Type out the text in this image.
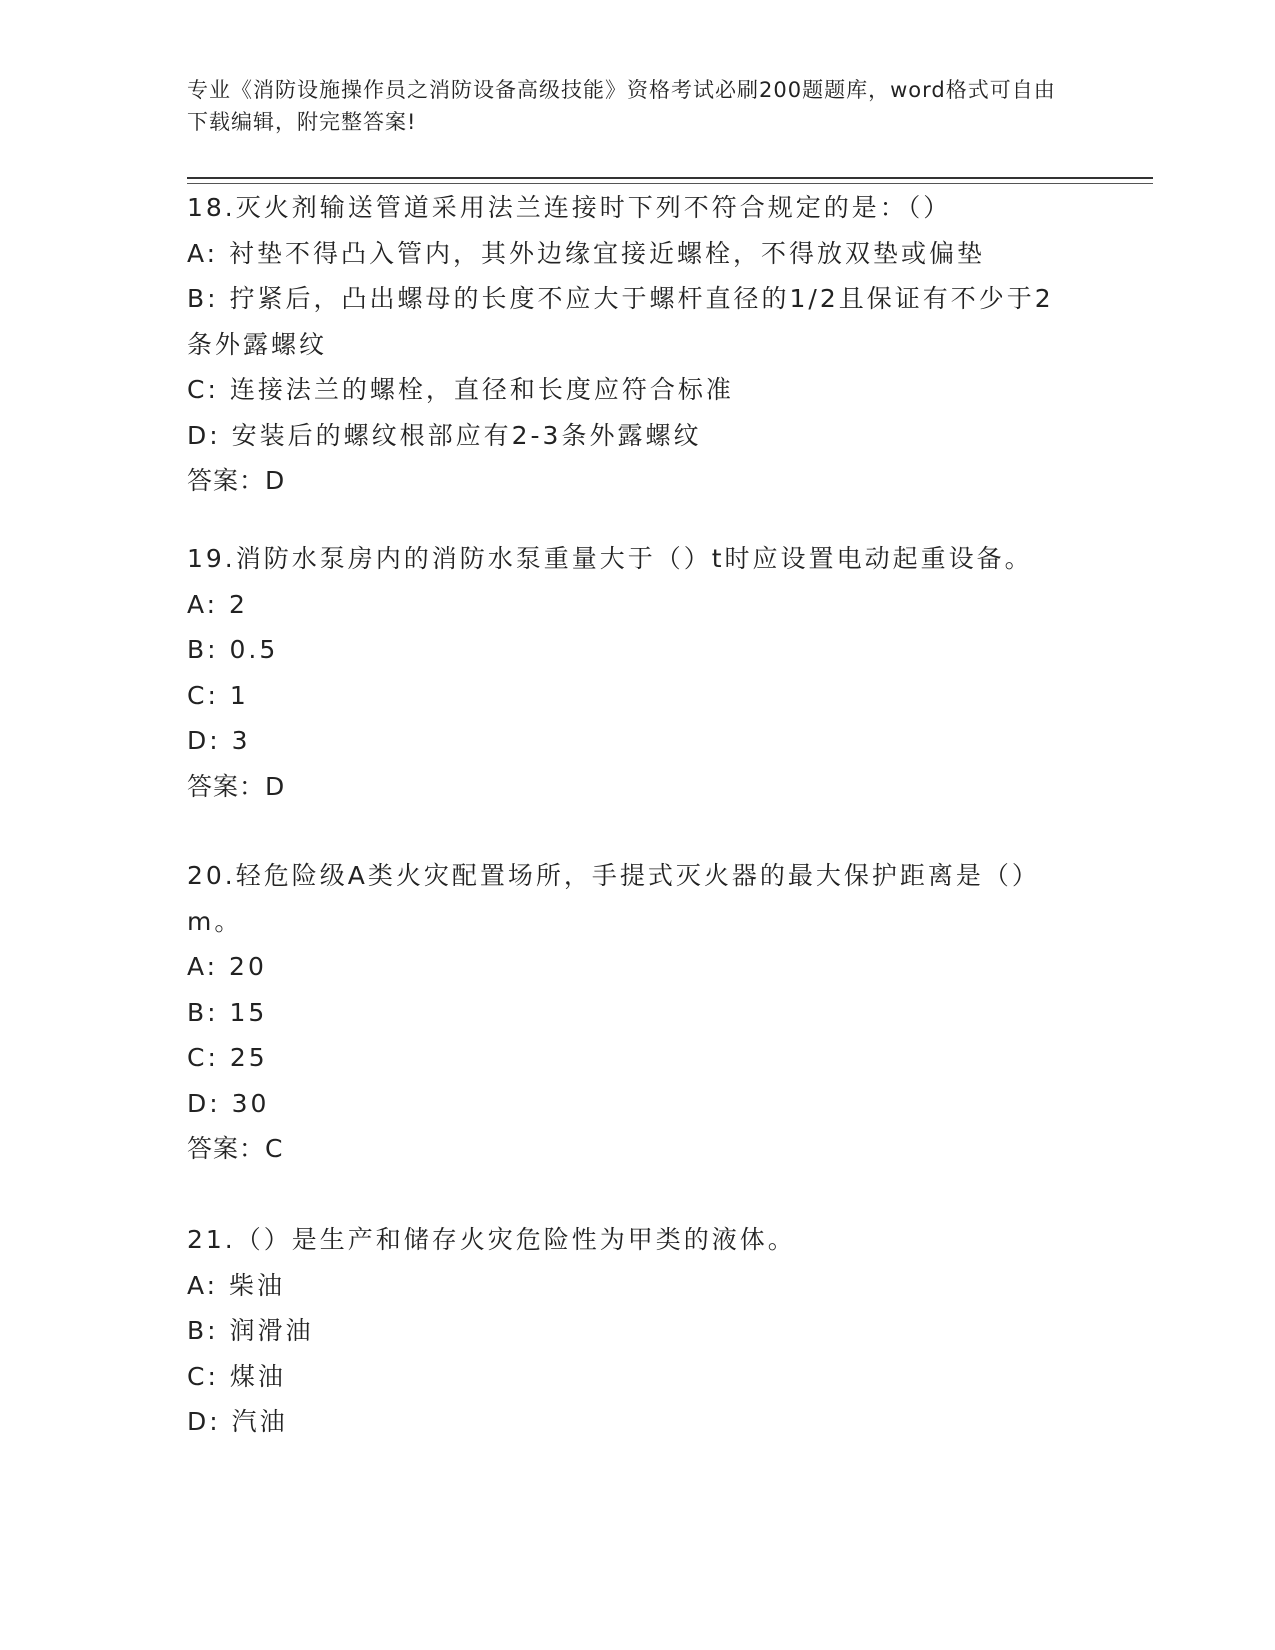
专业《消防设施操作员之消防设备高级技能》资格考试必刷200题题库，word格式可自由下载编辑，附完整答案!
18.灭火剂输送管道采用法兰连接时下列不符合规定的是：（）
A: 衬垫不得凸入管内，其外边缘宜接近螺栓，不得放双垫或偏垫
B: 拧紧后，凸出螺母的长度不应大于螺杆直径的1/2且保证有不少于2条外露螺纹
C: 连接法兰的螺栓，直径和长度应符合标准
D: 安装后的螺纹根部应有2-3条外露螺纹
答案：D
19.消防水泵房内的消防水泵重量大于（）t时应设置电动起重设备。
A: 2
B: 0.5
C: 1
D: 3
答案：D
20.轻危险级A类火灾配置场所，手提式灭火器的最大保护距离是（）m。
A: 20
B: 15
C: 25
D: 30
答案：C
21.（）是生产和储存火灾危险性为甲类的液体。
A: 柴油
B: 润滑油
C: 煤油
D: 汽油
